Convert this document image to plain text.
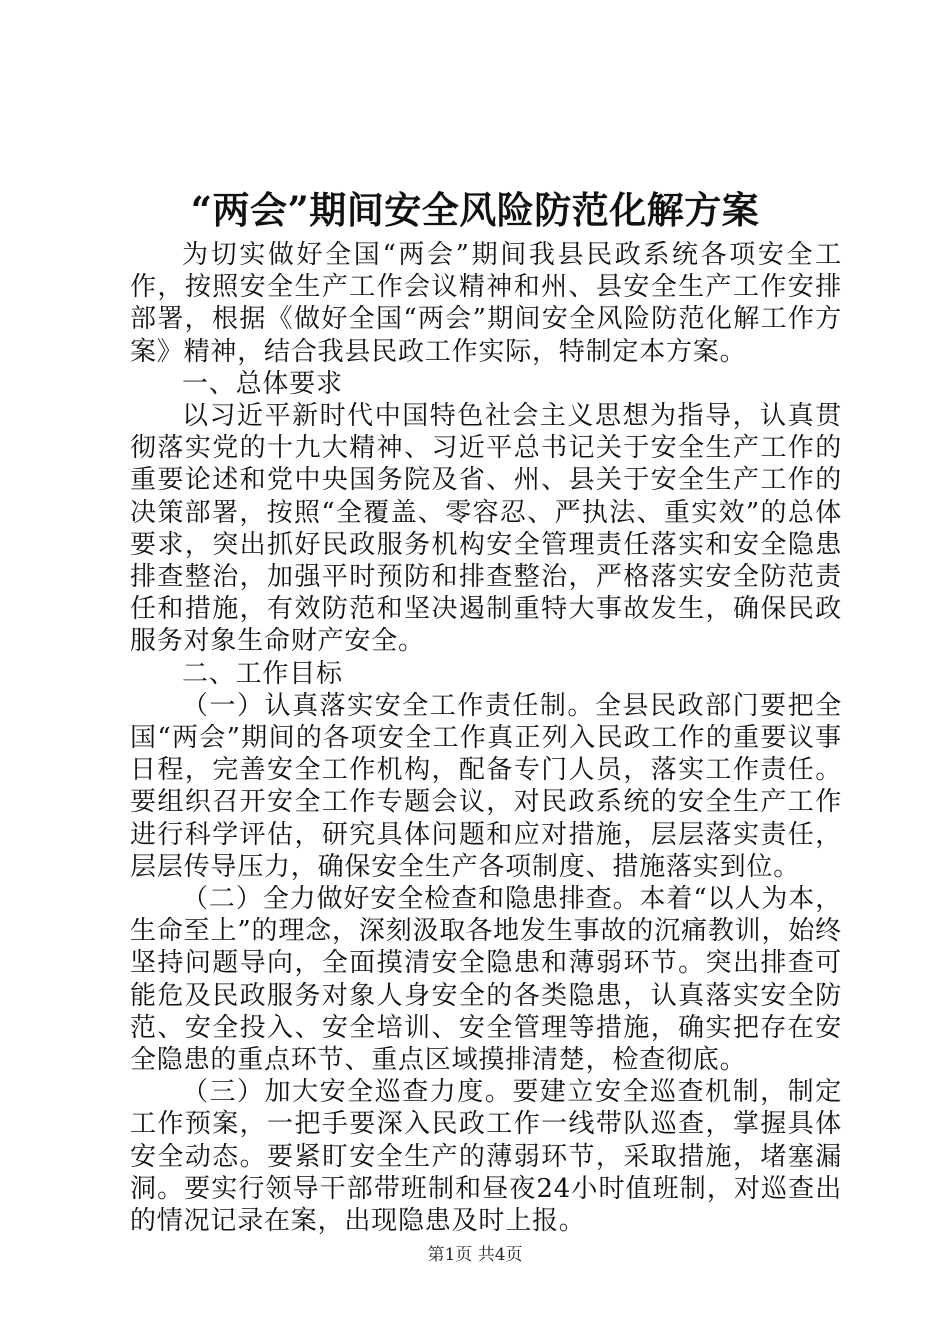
“两会”期间安全风险防范化解方案

为切实做好全国“两会”期间我县民政系统各项安全工作，按照安全生产工作会议精神和州、县安全生产工作安排部署，根据《做好全国“两会”期间安全风险防范化解工作方案》精神，结合我县民政工作实际，特制定本方案。

一、总体要求

以习近平新时代中国特色社会主义思想为指导，认真贯彻落实党的十九大精神、习近平总书记关于安全生产工作的重要论述和党中央国务院及省、州、县关于安全生产工作的决策部署，按照“全覆盖、零容忍、严执法、重实效”的总体要求，突出抓好民政服务机构安全管理责任落实和安全隐患排查整治，加强平时预防和排查整治，严格落实安全防范责任和措施，有效防范和坚决遏制重特大事故发生，确保民政服务对象生命财产安全。

二、工作目标

（一）认真落实安全工作责任制。全县民政部门要把全国“两会”期间的各项安全工作真正列入民政工作的重要议事日程，完善安全工作机构，配备专门人员，落实工作责任。要组织召开安全工作专题会议，对民政系统的安全生产工作进行科学评估，研究具体问题和应对措施，层层落实责任，层层传导压力，确保安全生产各项制度、措施落实到位。

（二）全力做好安全检查和隐患排查。本着“以人为本，生命至上”的理念，深刻汲取各地发生事故的沉痛教训，始终坚持问题导向，全面摸清安全隐患和薄弱环节。突出排查可能危及民政服务对象人身安全的各类隐患，认真落实安全防范、安全投入、安全培训、安全管理等措施，确实把存在安全隐患的重点环节、重点区域摸排清楚，检查彻底。

（三）加大安全巡查力度。要建立安全巡查机制，制定工作预案，一把手要深入民政工作一线带队巡查，掌握具体安全动态。要紧盯安全生产的薄弱环节，采取措施，堵塞漏洞。要实行领导干部带班制和昼夜24小时值班制，对巡查出的情况记录在案，出现隐患及时上报。

第1页 共4页
